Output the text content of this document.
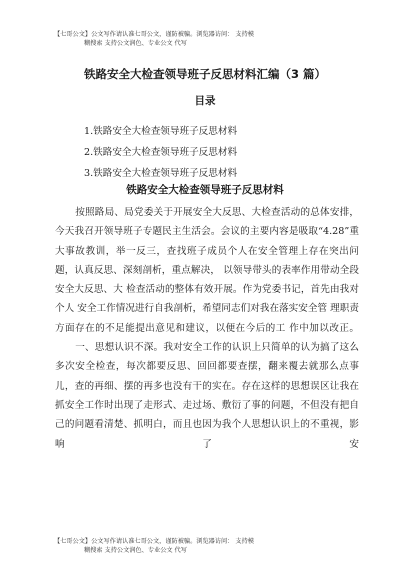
【七哥公文】公文写作请认准七哥公文，谨防被骗。浏览器访问： 支持模
糊搜索 支持公文润色、专业公文 代写
铁路安全大检查领导班子反思材料汇编（3 篇）
目录
1.铁路安全大检查领导班子反思材料
2.铁路安全大检查领导班子反思材料
3.铁路安全大检查领导班子反思材料
铁路安全大检查领导班子反思材料

按照路局、局党委关于开展安全大反思、大检查活动的总体安排，今天我召开领导班子专题民主生活会。会议的主要内容是吸取“4.28”重大事故教训，举一反三，查找班子成员个人在安全管理上存在突出问题，认真反思、深刻剖析，重点解决， 以领导带头的表率作用带动全段安全大反思、大 检查活动的整体有效开展。作为党委书记，首先由我对个人 安全工作情况进行自我剖析，希望同志们对我在落实安全管 理职责方面存在的不足能提出意见和建议，以便在今后的工 作中加以改正。

一、思想认识不深。我对安全工作的认识上只简单的认为搞了这么多次安全检查，每次都要反思、回回都要查摆，翻来覆去就那么点事儿，查的再细、摆的再多也没有干的实在。存在这样的思想误区让我在抓安全工作时出现了走形式、走过场、敷衍了事的问题，不但没有把自己的问题看清楚、抓明白，而且也因为我个人思想认识上的不重视，影响了安

【七哥公文】公文写作请认准七哥公文，谨防被骗。浏览器访问： 支持模
糊搜索 支持公文润色、专业公文 代写
